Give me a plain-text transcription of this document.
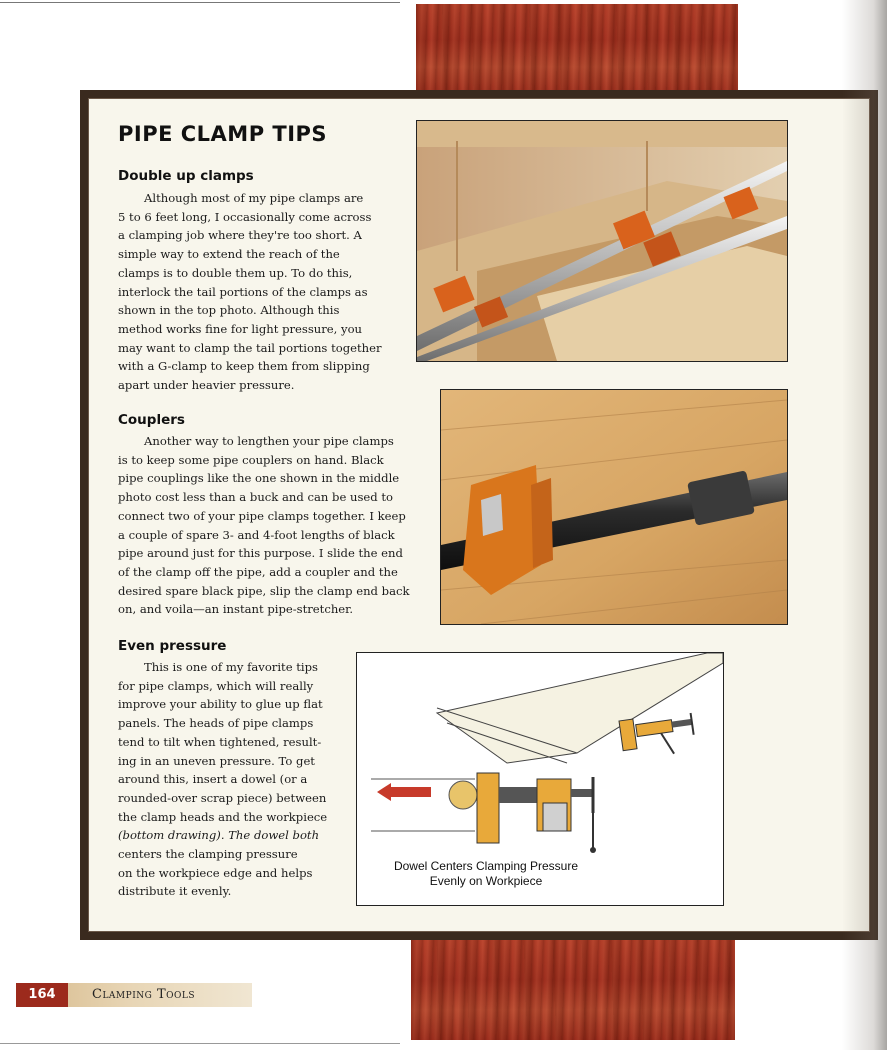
PIPE CLAMP TIPS
Double up clamps
Although most of my pipe clamps are
5 to 6 feet long, I occasionally come across
a clamping job where they're too short. A
simple way to extend the reach of the
clamps is to double them up. To do this,
interlock the tail portions of the clamps as
shown in the top photo. Although this
method works fine for light pressure, you
may want to clamp the tail portions together
with a G-clamp to keep them from slipping
apart under heavier pressure.
Couplers
Another way to lengthen your pipe clamps
is to keep some pipe couplers on hand. Black
pipe couplings like the one shown in the middle
photo cost less than a buck and can be used to
connect two of your pipe clamps together. I keep
a couple of spare 3- and 4-foot lengths of black
pipe around just for this purpose. I slide the end
of the clamp off the pipe, add a coupler and the
desired spare black pipe, slip the clamp end back
on, and voila—an instant pipe-stretcher.
Even pressure
This is one of my favorite tips
for pipe clamps, which will really
improve your ability to glue up flat
panels. The heads of pipe clamps
tend to tilt when tightened, result-
ing in an uneven pressure. To get
around this, insert a dowel (or a
rounded-over scrap piece) between
the clamp heads and the workpiece
(bottom drawing). The dowel both
centers the clamping pressure
on the workpiece edge and helps
distribute it evenly.
Dowel Centers Clamping Pressure
Evenly on Workpiece
164	Clamping Tools
